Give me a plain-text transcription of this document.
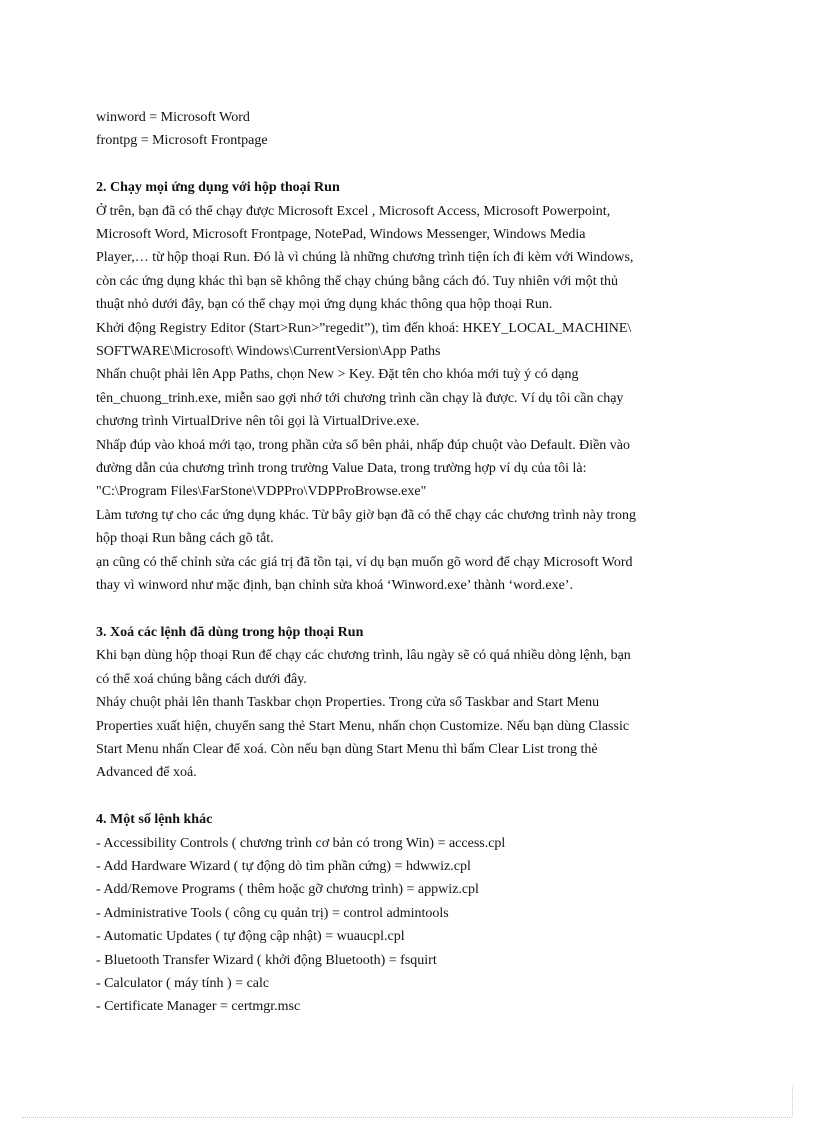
winword = Microsoft Word
frontpg = Microsoft Frontpage
2. Chạy mọi ứng dụng với hộp thoại Run
Ở trên, bạn đã có thể chạy được Microsoft Excel , Microsoft Access, Microsoft Powerpoint,
Microsoft Word, Microsoft Frontpage, NotePad, Windows Messenger, Windows Media
Player,… từ hộp thoại Run. Đó là vì chúng là những chương trình tiện ích đi kèm với Windows,
còn các ứng dụng khác thì bạn sẽ không thể chạy chúng bằng cách đó. Tuy nhiên với một thủ
thuật nhỏ dưới đây, bạn có thể chạy mọi ứng dụng khác thông qua hộp thoại Run.
Khởi động Registry Editor (Start>Run>”regedit”), tìm đến khoá: HKEY_LOCAL_MACHINE\
SOFTWARE\Microsoft\ Windows\CurrentVersion\App Paths
Nhấn chuột phải lên App Paths, chọn New > Key. Đặt tên cho khóa mới tuỳ ý có dạng
tên_chuong_trinh.exe, miễn sao gợi nhớ tới chương trình cần chạy là được. Ví dụ tôi cần chạy
chương trình VirtualDrive nên tôi gọi là VirtualDrive.exe.
Nhấp đúp vào khoá mới tạo, trong phần cửa sổ bên phải, nhấp đúp chuột vào Default. Điền vào
đường dẫn của chương trình trong trường Value Data, trong trường hợp ví dụ của tôi là:
"C:\Program Files\FarStone\VDPPro\VDPProBrowse.exe"
Làm tương tự cho các ứng dụng khác. Từ bây giờ bạn đã có thể chạy các chương trình này trong
hộp thoại Run bằng cách gõ tắt.
ạn cũng có thể chỉnh sửa các giá trị đã tồn tại, ví dụ bạn muốn gõ word để chạy Microsoft Word
thay vì winword như mặc định, bạn chỉnh sửa khoá ‘Winword.exe’ thành ‘word.exe’.
3. Xoá các lệnh đã dùng trong hộp thoại Run
Khi bạn dùng hộp thoại Run để chạy các chương trình, lâu ngày sẽ có quá nhiều dòng lệnh, bạn
có thể xoá chúng bằng cách dưới đây.
Nháy chuột phải lên thanh Taskbar chọn Properties. Trong cửa sổ Taskbar and Start Menu
Properties xuất hiện, chuyển sang thẻ Start Menu, nhấn chọn Customize. Nếu bạn dùng Classic
Start Menu nhấn Clear để xoá. Còn nếu bạn dùng Start Menu thì bấm Clear List trong thẻ
Advanced để xoá.
4. Một số lệnh khác
- Accessibility Controls ( chương trình cơ bản có trong Win) = access.cpl
- Add Hardware Wizard ( tự động dò tìm phần cứng) = hdwwiz.cpl
- Add/Remove Programs ( thêm hoặc gỡ chương trình) = appwiz.cpl
- Administrative Tools ( công cụ quản trị) = control admintools
- Automatic Updates ( tự động cập nhật) = wuaucpl.cpl
- Bluetooth Transfer Wizard ( khởi động Bluetooth) = fsquirt
- Calculator ( máy tính ) = calc
- Certificate Manager = certmgr.msc
